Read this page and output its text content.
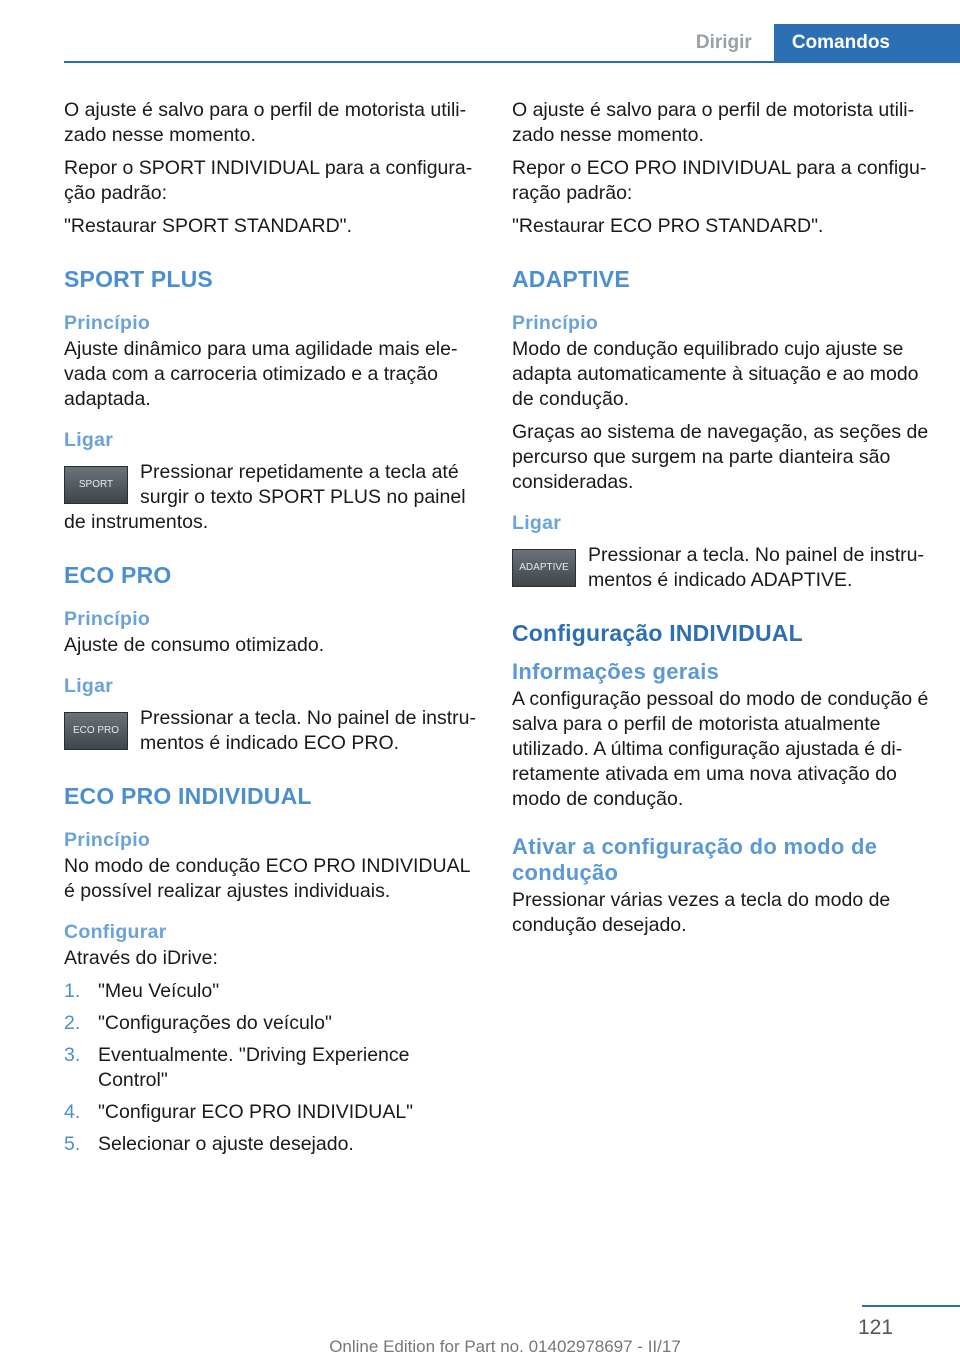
Dirigir	Comandos

O ajuste é salvo para o perfil de motorista utili-zado nesse momento.

Repor o SPORT INDIVIDUAL para a configura-ção padrão:

"Restaurar SPORT STANDARD".

SPORT PLUS
Princípio

Ajuste dinâmico para uma agilidade mais ele-vada com a carroceria otimizado e a tração adaptada.

Ligar
SPORT

Pressionar repetidamente a tecla até surgir o texto SPORT PLUS no painel de instrumentos.

ECO PRO
Princípio

Ajuste de consumo otimizado.

Ligar
ECO PRO

Pressionar a tecla. No painel de instru-mentos é indicado ECO PRO.

ECO PRO INDIVIDUAL
Princípio

No modo de condução ECO PRO INDIVIDUAL é possível realizar ajustes individuais.

Configurar

Através do iDrive:

1. "Meu Veículo"
2. "Configurações do veículo"
3. Eventualmente. "Driving Experience Control"
4. "Configurar ECO PRO INDIVIDUAL"
5. Selecionar o ajuste desejado.

O ajuste é salvo para o perfil de motorista utili-zado nesse momento.

Repor o ECO PRO INDIVIDUAL para a configu-ração padrão:

"Restaurar ECO PRO STANDARD".

ADAPTIVE
Princípio

Modo de condução equilibrado cujo ajuste se adapta automaticamente à situação e ao modo de condução.

Graças ao sistema de navegação, as seções de percurso que surgem na parte dianteira são consideradas.

Ligar
ADAPTIVE

Pressionar a tecla. No painel de instru-mentos é indicado ADAPTIVE.

Configuração INDIVIDUAL
Informações gerais

A configuração pessoal do modo de condução é salva para o perfil de motorista atualmente utilizado. A última configuração ajustada é di-retamente ativada em uma nova ativação do modo de condução.

Ativar a configuração do modo de condução

Pressionar várias vezes a tecla do modo de condução desejado.

121
Online Edition for Part no. 01402978697 - II/17
